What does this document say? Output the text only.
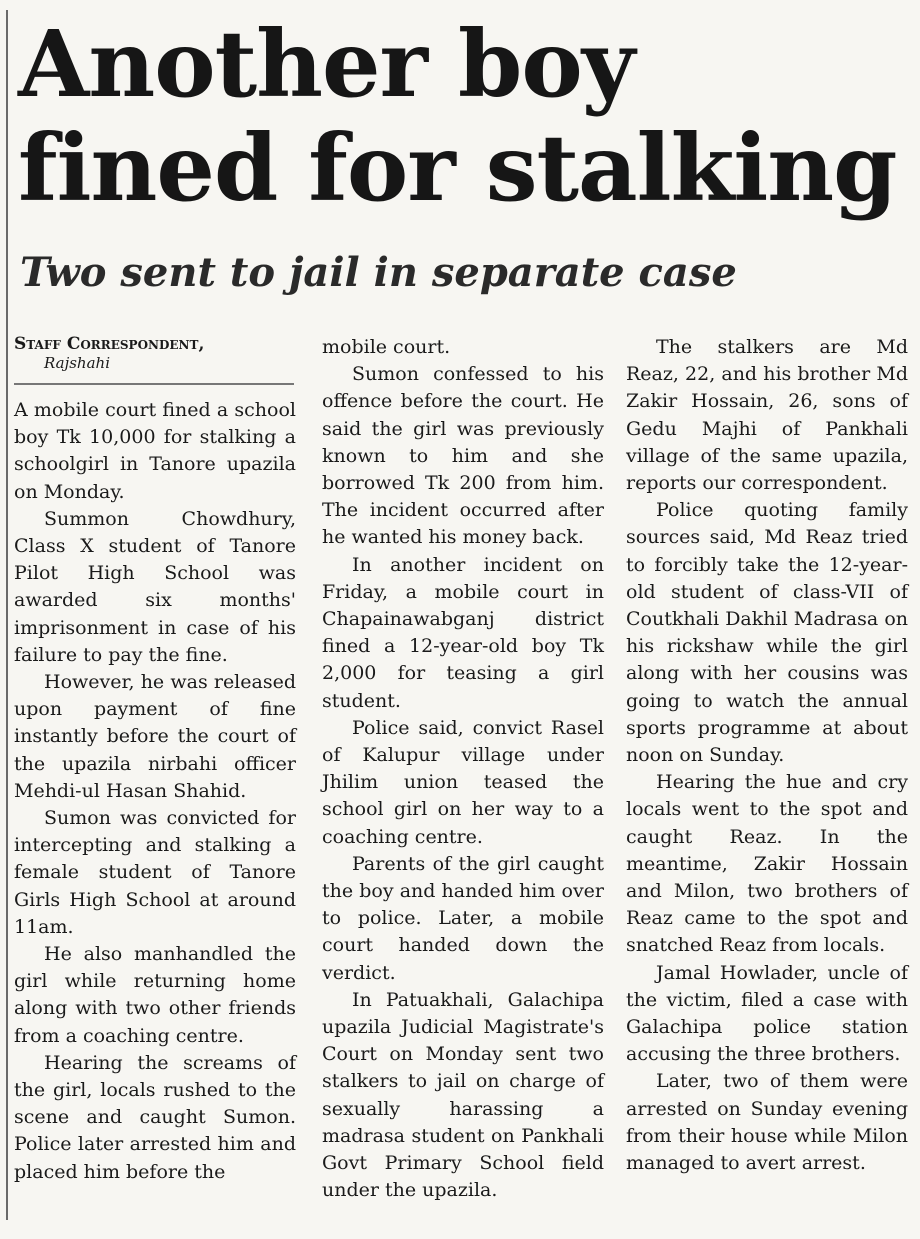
Another boy fined for stalking
Two sent to jail in separate case

Staff Correspondent,

Rajshahi

A mobile court fined a school boy Tk 10,000 for stalking a schoolgirl in Tanore upazila on Monday.

Summon Chowdhury, Class X student of Tanore Pilot High School was awarded six months' imprisonment in case of his failure to pay the fine.

However, he was released upon payment of fine instantly before the court of the upazila nirbahi officer Mehdi-ul Hasan Shahid.

Sumon was convicted for intercepting and stalking a female student of Tanore Girls High School at around 11am.

He also manhandled the girl while returning home along with two other friends from a coaching centre.

Hearing the screams of the girl, locals rushed to the scene and caught Sumon. Police later arrested him and placed him before the

mobile court.

Sumon confessed to his offence before the court. He said the girl was previously known to him and she borrowed Tk 200 from him. The incident occurred after he wanted his money back.

In another incident on Friday, a mobile court in Chapainawabganj district fined a 12-year-old boy Tk 2,000 for teasing a girl student.

Police said, convict Rasel of Kalupur village under Jhilim union teased the school girl on her way to a coaching centre.

Parents of the girl caught the boy and handed him over to police. Later, a mobile court handed down the verdict.

In Patuakhali, Galachipa upazila Judicial Magistrate's Court on Monday sent two stalkers to jail on charge of sexually harassing a madrasa student on Pankhali Govt Primary School field under the upazila.

The stalkers are Md Reaz, 22, and his brother Md Zakir Hossain, 26, sons of Gedu Majhi of Pankhali village of the same upazila, reports our correspondent.

Police quoting family sources said, Md Reaz tried to forcibly take the 12-year-old student of class-VII of Coutkhali Dakhil Madrasa on his rickshaw while the girl along with her cousins was going to watch the annual sports programme at about noon on Sunday.

Hearing the hue and cry locals went to the spot and caught Reaz. In the meantime, Zakir Hossain and Milon, two brothers of Reaz came to the spot and snatched Reaz from locals.

Jamal Howlader, uncle of the victim, filed a case with Galachipa police station accusing the three brothers.

Later, two of them were arrested on Sunday evening from their house while Milon managed to avert arrest.
